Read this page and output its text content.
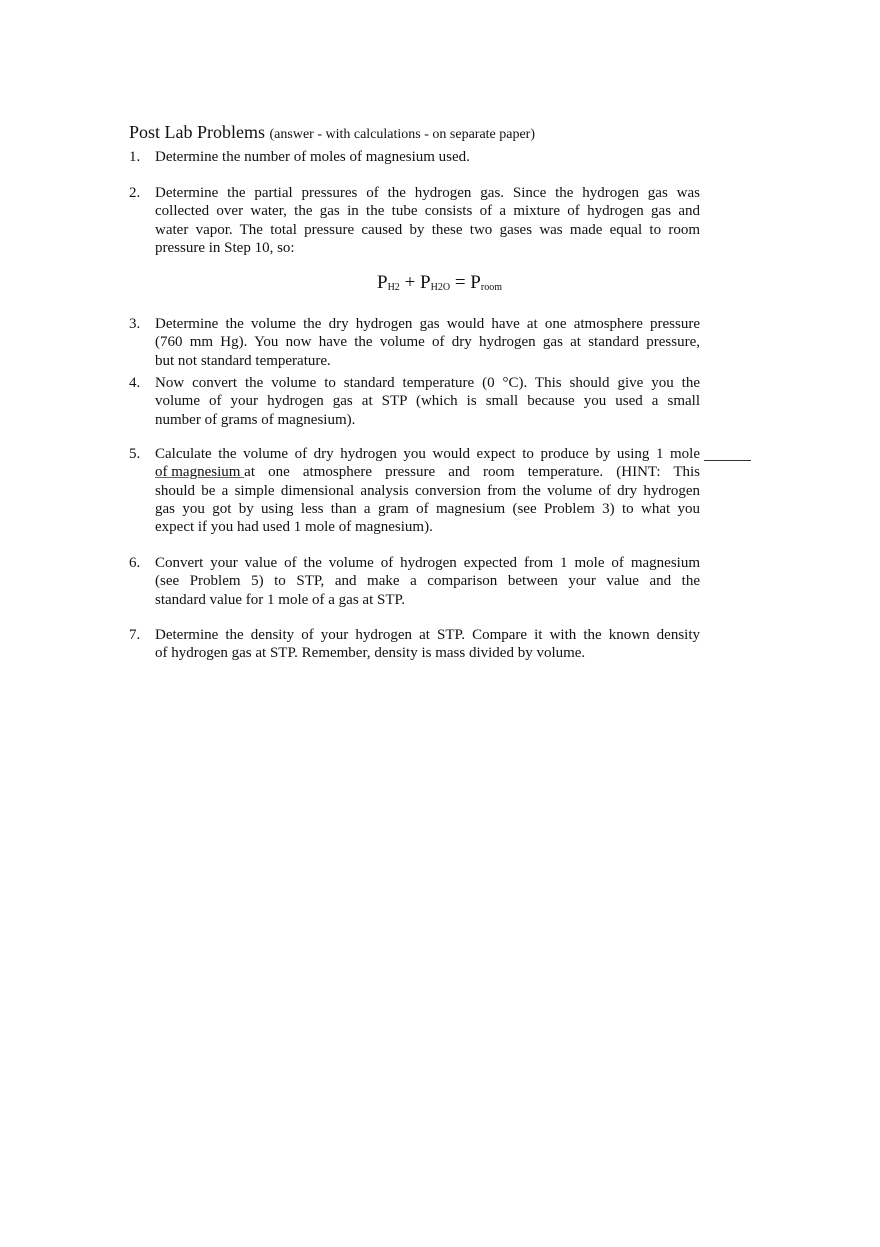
Post Lab Problems (answer - with calculations - on separate paper)
1. Determine the number of moles of magnesium used.
2. Determine the partial pressures of the hydrogen gas. Since the hydrogen gas was
collected over water, the gas in the tube consists of a mixture of hydrogen gas and
water vapor. The total pressure caused by these two gases was made equal to room
pressure in Step 10, so:
$P_{H2} + P_{H2O} = P_{room}$
3. Determine the volume the dry hydrogen gas would have at one atmosphere pressure
(760 mm Hg). You now have the volume of dry hydrogen gas at standard pressure,
but not standard temperature.
4. Now convert the volume to standard temperature (0 °C). This should give you the
volume of your hydrogen gas at STP (which is small because you used a small
number of grams of magnesium).
5. Calculate the volume of dry hydrogen you would expect to produce by using 1 mole
of magnesium at one atmosphere pressure and room temperature. (HINT: This
should be a simple dimensional analysis conversion from the volume of dry hydrogen
gas you got by using less than a gram of magnesium (see Problem 3) to what you
expect if you had used 1 mole of magnesium).
6. Convert your value of the volume of hydrogen expected from 1 mole of magnesium
(see Problem 5) to STP, and make a comparison between your value and the
standard value for 1 mole of a gas at STP.
7. Determine the density of your hydrogen at STP. Compare it with the known density
of hydrogen gas at STP. Remember, density is mass divided by volume.
